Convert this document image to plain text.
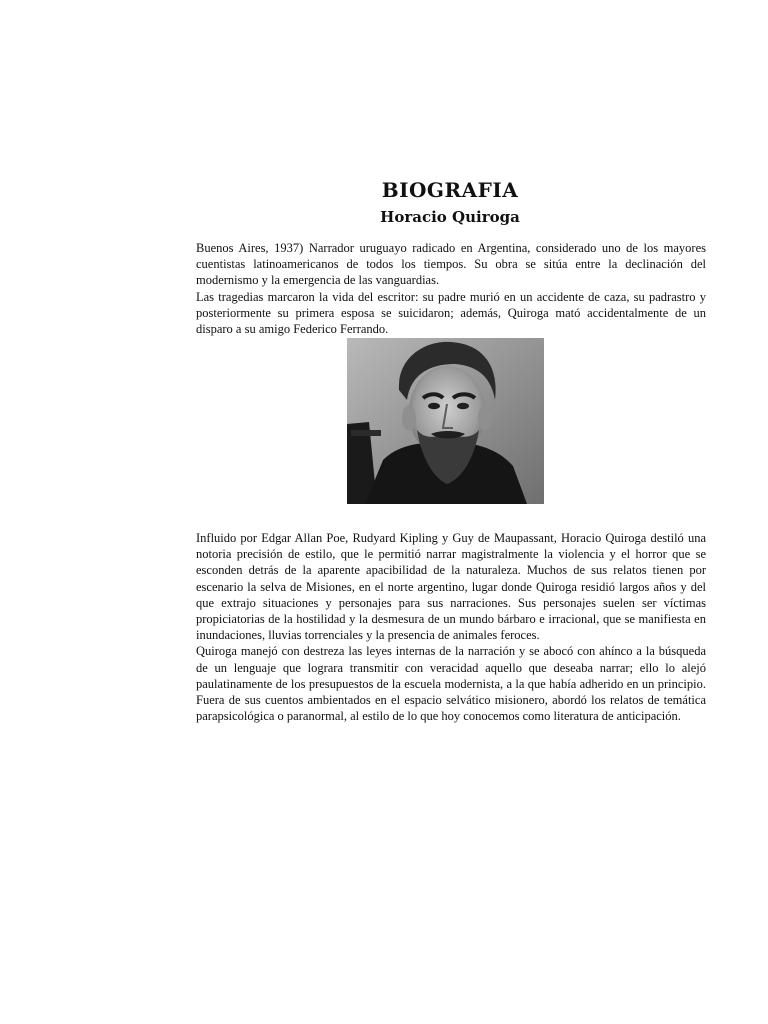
BIOGRAFIA
Horacio Quiroga

Buenos Aires, 1937) Narrador uruguayo radicado en Argentina, considerado uno de los mayores cuentistas latinoamericanos de todos los tiempos. Su obra se sitúa entre la declinación del modernismo y la emergencia de las vanguardias.

Las tragedias marcaron la vida del escritor: su padre murió en un accidente de caza, su padrastro y posteriormente su primera esposa se suicidaron; además, Quiroga mató accidentalmente de un disparo a su amigo Federico Ferrando.

Influido por Edgar Allan Poe, Rudyard Kipling y Guy de Maupassant, Horacio Quiroga destiló una notoria precisión de estilo, que le permitió narrar magistralmente la violencia y el horror que se esconden detrás de la aparente apacibilidad de la naturaleza. Muchos de sus relatos tienen por escenario la selva de Misiones, en el norte argentino, lugar donde Quiroga residió largos años y del que extrajo situaciones y personajes para sus narraciones. Sus personajes suelen ser víctimas propiciatorias de la hostilidad y la desmesura de un mundo bárbaro e irracional, que se manifiesta en inundaciones, lluvias torrenciales y la presencia de animales feroces.

Quiroga manejó con destreza las leyes internas de la narración y se abocó con ahínco a la búsqueda de un lenguaje que lograra transmitir con veracidad aquello que deseaba narrar; ello lo alejó paulatinamente de los presupuestos de la escuela modernista, a la que había adherido en un principio. Fuera de sus cuentos ambientados en el espacio selvático misionero, abordó los relatos de temática parapsicológica o paranormal, al estilo de lo que hoy conocemos como literatura de anticipación.
